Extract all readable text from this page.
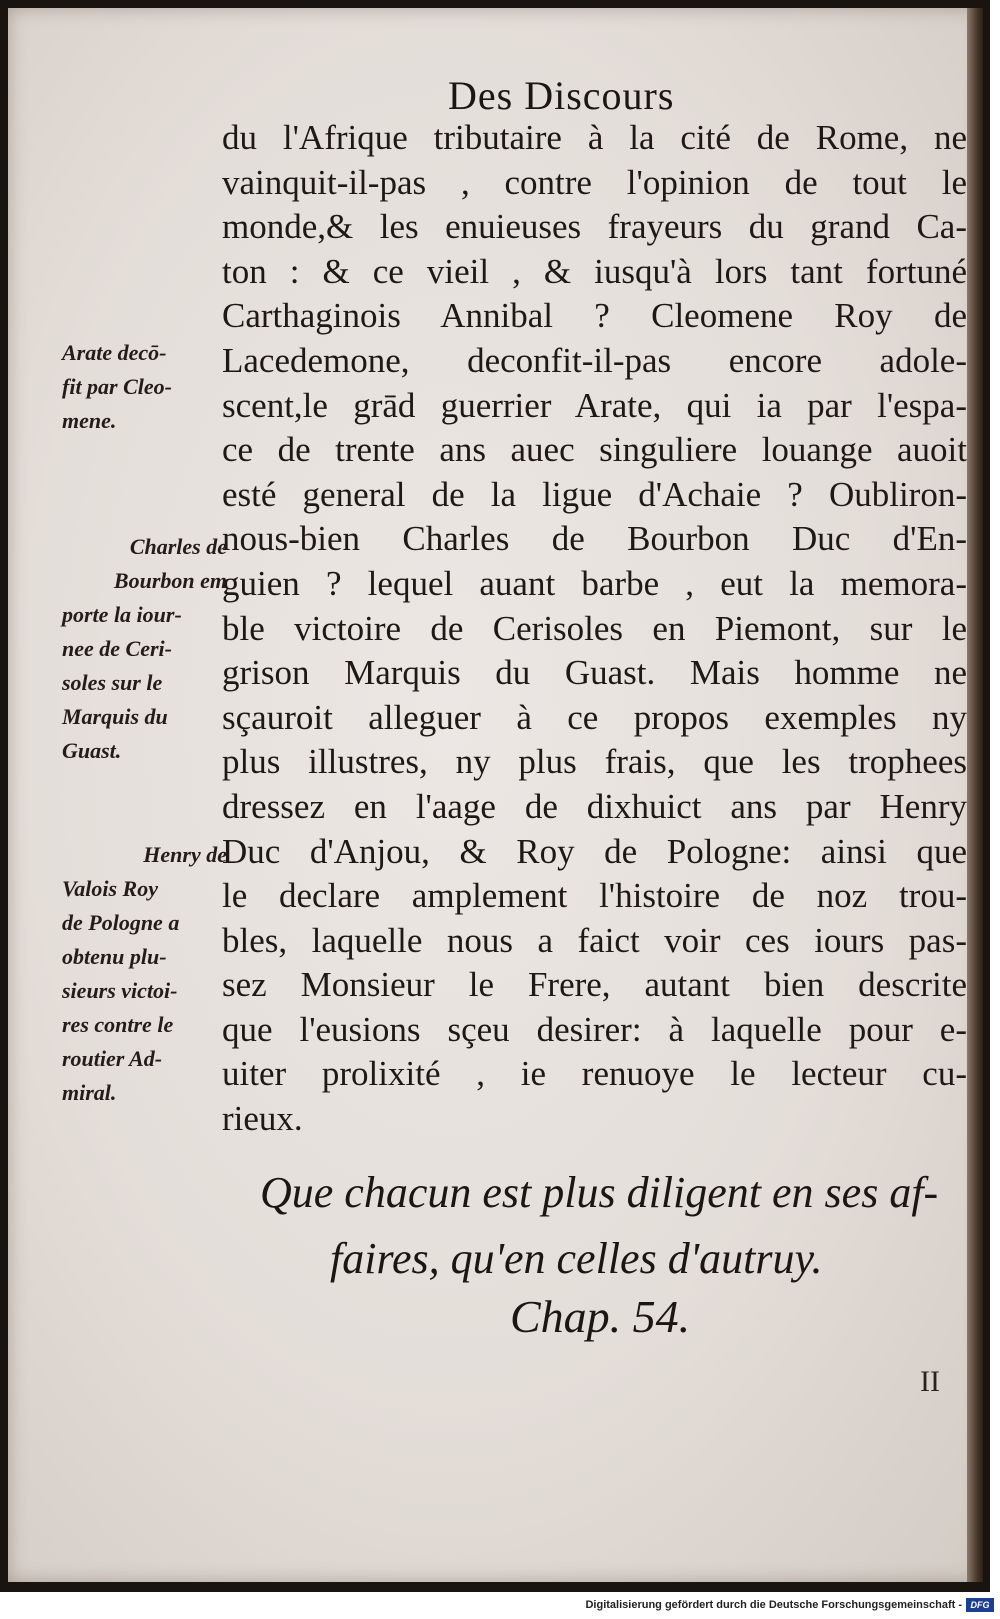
Des Discours
du l'Afrique tributaire à la cité de Rome, ne
vainquit-il-pas , contre l'opinion de tout le
monde,& les enuieuses frayeurs du grand Ca-
ton : & ce vieil , & iusqu'à lors tant fortuné
Carthaginois Annibal ? Cleomene Roy de
Lacedemone, deconfit-il-pas encore adole-
scent,le grād guerrier Arate, qui ia par l'espa-
ce de trente ans auec singuliere louange auoit
esté general de la ligue d'Achaie ? Oubliron-
nous-bien Charles de Bourbon Duc d'En-
guien ? lequel auant barbe , eut la memora-
ble victoire de Cerisoles en Piemont, sur le
grison Marquis du Guast. Mais homme ne
sçauroit alleguer à ce propos exemples ny
plus illustres, ny plus frais, que les trophees
dressez en l'aage de dixhuict ans par Henry
Duc d'Anjou, & Roy de Pologne: ainsi que
le declare amplement l'histoire de noz trou-
bles, laquelle nous a faict voir ces iours pas-
sez Monsieur le Frere, autant bien descrite
que l'eusions sçeu desirer: à laquelle pour e-
uiter prolixité , ie renuoye le lecteur cu-
rieux.
Arate decō-
fit par Cleo-
mene.
Charles de
Bourbon em
porte la iour-
nee de Ceri-
soles sur le
Marquis du
Guast.
Henry de
Valois Roy
de Pologne a
obtenu plu-
sieurs victoi-
res contre le
routier Ad-
miral.
Que chacun est plus diligent en ses af-
faires, qu'en celles d'autruy.
Chap. 54.
II
Digitalisierung gefördert durch die Deutsche Forschungsgemeinschaft - DFG
